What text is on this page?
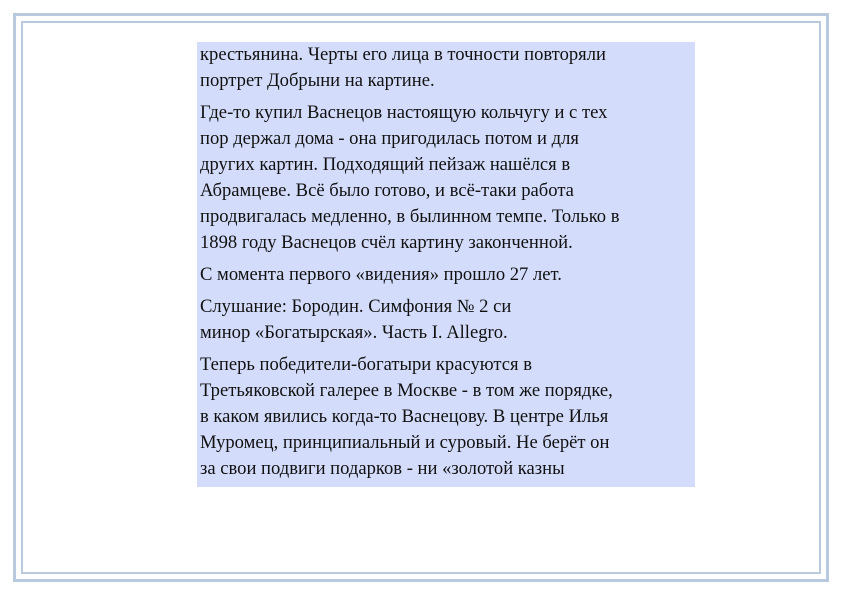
крестьянина. Черты его лица в точности повторяли
портрет Добрыни на картине.

Где-то купил Васнецов настоящую кольчугу и с тех
пор держал дома - она пригодилась потом и для
других картин. Подходящий пейзаж нашёлся в
Абрамцеве. Всё было готово, и всё-таки работа
продвигалась медленно, в былинном темпе. Только в
1898 году Васнецов счёл картину законченной.

С момента первого «видения» прошло 27 лет.

Слушание: Бородин. Симфония № 2 си
минор «Богатырская». Часть I. Allegro.

Теперь победители-богатыри красуются в
Третьяковской галерее в Москве - в том же порядке,
в каком явились когда-то Васнецову. В центре Илья
Муромец, принципиальный и суровый. Не берёт он
за свои подвиги подарков - ни «золотой казны
